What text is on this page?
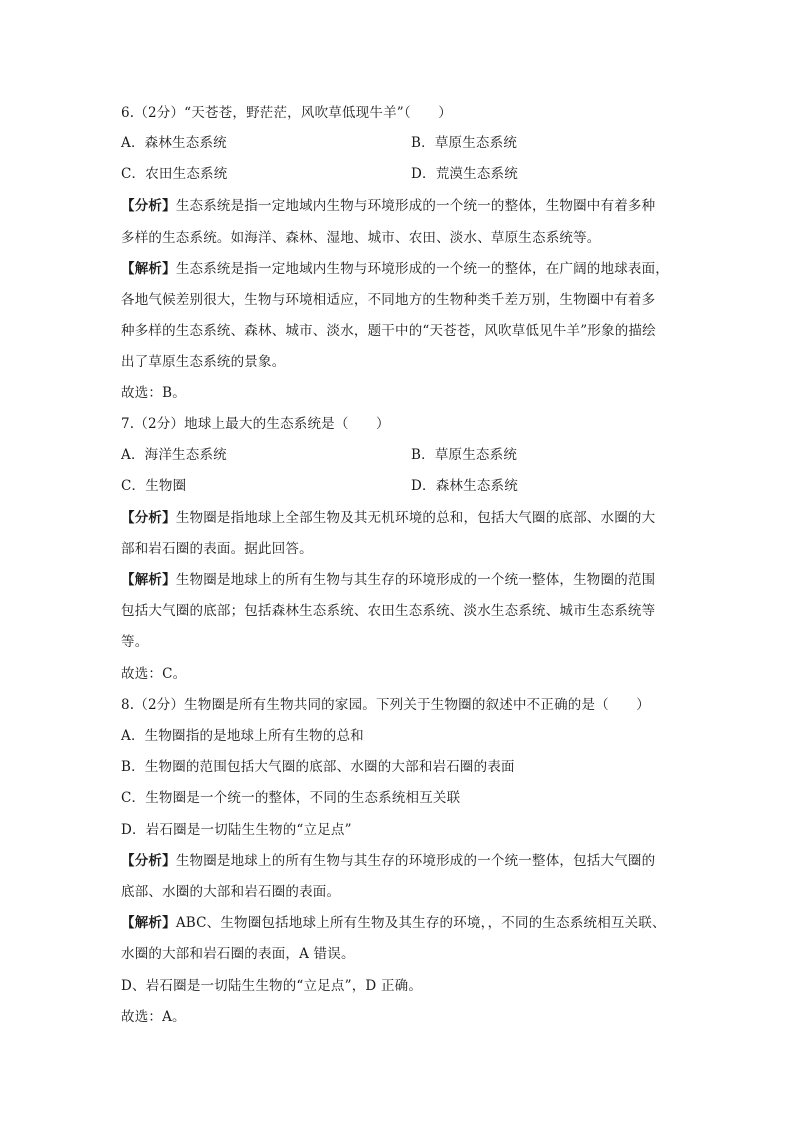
6.（2分）“天苍苍，野茫茫，风吹草低现牛羊”（　　）
A．森林生态系统	B．草原生态系统
C．农田生态系统	D．荒漠生态系统
【分析】生态系统是指一定地域内生物与环境形成的一个统一的整体，生物圈中有着多种
多样的生态系统。如海洋、森林、湿地、城市、农田、淡水、草原生态系统等。
【解析】生态系统是指一定地域内生物与环境形成的一个统一的整体，在广阔的地球表面，
各地气候差别很大，生物与环境相适应，不同地方的生物种类千差万别，生物圈中有着多
种多样的生态系统、森林、城市、淡水，题干中的“天苍苍，风吹草低见牛羊”形象的描绘
出了草原生态系统的景象。
故选：B。
7.（2分）地球上最大的生态系统是（　　）
A．海洋生态系统	B．草原生态系统
C．生物圈	D．森林生态系统
【分析】生物圈是指地球上全部生物及其无机环境的总和，包括大气圈的底部、水圈的大
部和岩石圈的表面。据此回答。
【解析】生物圈是地球上的所有生物与其生存的环境形成的一个统一整体，生物圈的范围
包括大气圈的底部；包括森林生态系统、农田生态系统、淡水生态系统、城市生态系统等
等。
故选：C。
8.（2分）生物圈是所有生物共同的家园。下列关于生物圈的叙述中不正确的是（　　）
A．生物圈指的是地球上所有生物的总和
B．生物圈的范围包括大气圈的底部、水圈的大部和岩石圈的表面
C．生物圈是一个统一的整体，不同的生态系统相互关联
D．岩石圈是一切陆生生物的“立足点”
【分析】生物圈是地球上的所有生物与其生存的环境形成的一个统一整体，包括大气圈的
底部、水圈的大部和岩石圈的表面。
【解析】ABC、生物圈包括地球上所有生物及其生存的环境，，不同的生态系统相互关联、
水圈的大部和岩石圈的表面，A 错误。
D、岩石圈是一切陆生生物的“立足点”，D 正确。
故选：A。
